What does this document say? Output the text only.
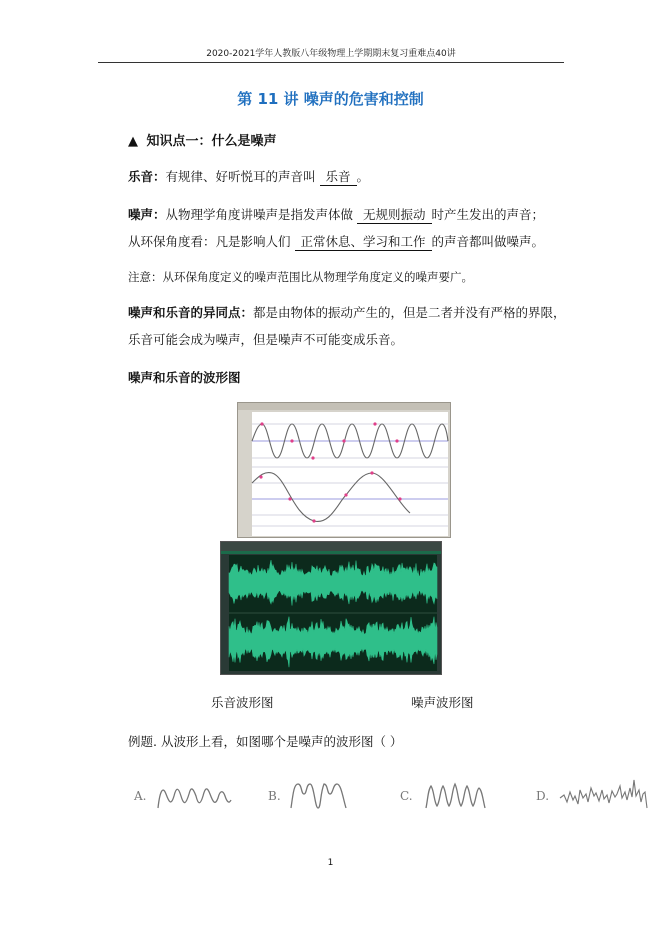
2020-2021学年人教版八年级物理上学期期末复习重难点40讲
第 11 讲 噪声的危害和控制
▲ 知识点一：什么是噪声
乐音：有规律、好听悦耳的声音叫 乐音 。
噪声：从物理学角度讲噪声是指发声体做 无规则振动 时产生发出的声音；
从环保角度看：凡是影响人们 正常休息、学习和工作 的声音都叫做噪声。
注意：从环保角度定义的噪声范围比从物理学角度定义的噪声要广。
噪声和乐音的异同点：都是由物体的振动产生的，但是二者并没有严格的界限，乐音可能会成为噪声，但是噪声不可能变成乐音。
噪声和乐音的波形图
乐音波形图	噪声波形图
例题. 从波形上看，如图哪个是噪声的波形图（ ）
A.	B.	C.	D.
1
